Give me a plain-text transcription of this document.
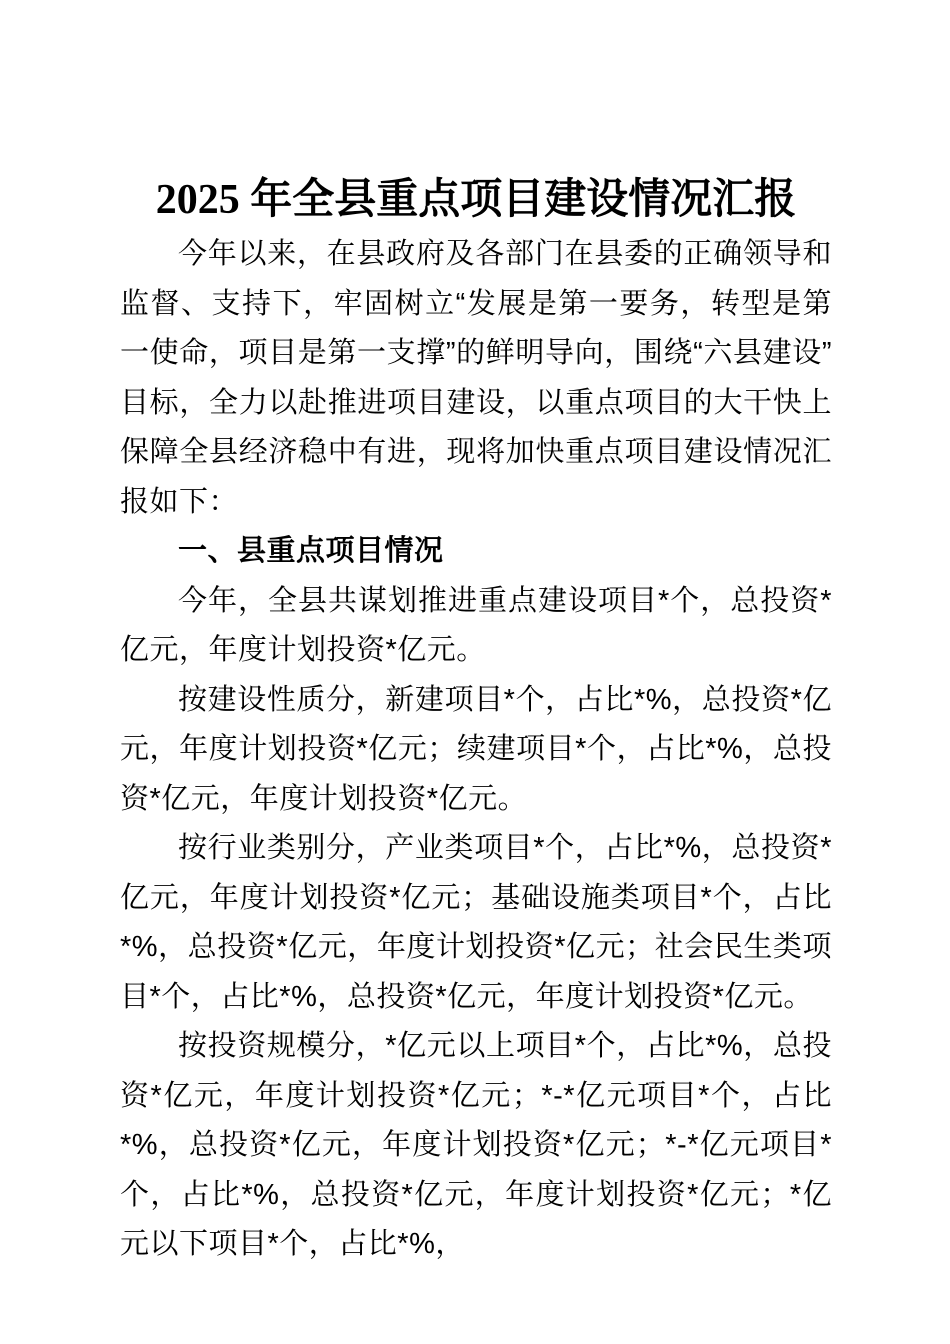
2025 年全县重点项目建设情况汇报

今年以来，在县政府及各部门在县委的正确领导和监督、支持下，牢固树立“发展是第一要务，转型是第一使命，项目是第一支撑”的鲜明导向，围绕“六县建设”目标，全力以赴推进项目建设，以重点项目的大干快上保障全县经济稳中有进，现将加快重点项目建设情况汇报如下：

一、县重点项目情况

今年，全县共谋划推进重点建设项目*个，总投资*亿元，年度计划投资*亿元。

按建设性质分，新建项目*个，占比*%，总投资*亿元，年度计划投资*亿元；续建项目*个，占比*%，总投资*亿元，年度计划投资*亿元。

按行业类别分，产业类项目*个，占比*%，总投资*亿元，年度计划投资*亿元；基础设施类项目*个，占比*%，总投资*亿元，年度计划投资*亿元；社会民生类项目*个，占比*%，总投资*亿元，年度计划投资*亿元。

按投资规模分，*亿元以上项目*个，占比*%，总投资*亿元，年度计划投资*亿元；*-*亿元项目*个，占比*%，总投资*亿元，年度计划投资*亿元；*-*亿元项目*个，占比*%，总投资*亿元，年度计划投资*亿元；*亿元以下项目*个，占比*%，
